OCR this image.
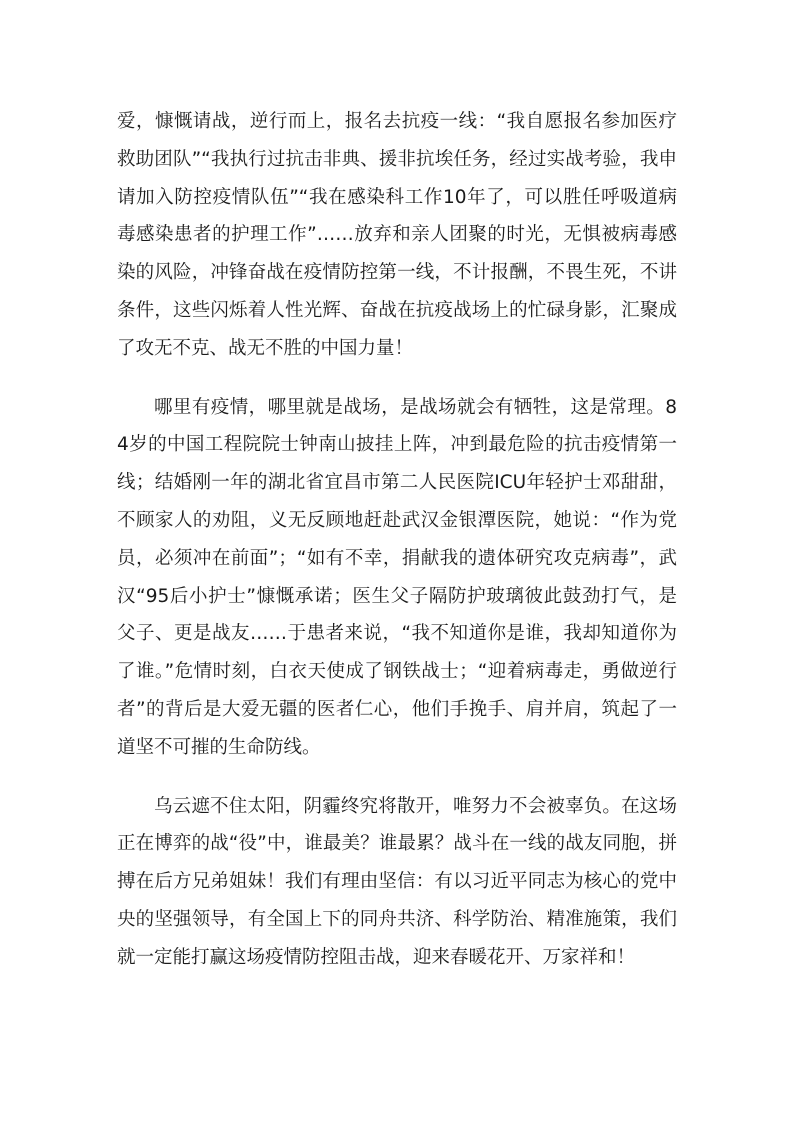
爱，慷慨请战，逆行而上，报名去抗疫一线：“我自愿报名参加医疗救助团队”“我执行过抗击非典、援非抗埃任务，经过实战考验，我申请加入防控疫情队伍”“我在感染科工作10年了，可以胜任呼吸道病毒感染患者的护理工作”……放弃和亲人团聚的时光，无惧被病毒感染的风险，冲锋奋战在疫情防控第一线，不计报酬，不畏生死，不讲条件，这些闪烁着人性光辉、奋战在抗疫战场上的忙碌身影，汇聚成了攻无不克、战无不胜的中国力量！

哪里有疫情，哪里就是战场，是战场就会有牺牲，这是常理。84岁的中国工程院院士钟南山披挂上阵，冲到最危险的抗击疫情第一线；结婚刚一年的湖北省宜昌市第二人民医院ICU年轻护士邓甜甜，不顾家人的劝阻，义无反顾地赶赴武汉金银潭医院，她说：“作为党员，必须冲在前面”；“如有不幸，捐献我的遗体研究攻克病毒”，武汉“95后小护士”慷慨承诺；医生父子隔防护玻璃彼此鼓劲打气，是父子、更是战友……于患者来说，“我不知道你是谁，我却知道你为了谁。”危情时刻，白衣天使成了钢铁战士；“迎着病毒走，勇做逆行者”的背后是大爱无疆的医者仁心，他们手挽手、肩并肩，筑起了一道坚不可摧的生命防线。

乌云遮不住太阳，阴霾终究将散开，唯努力不会被辜负。在这场正在博弈的战“役”中，谁最美？谁最累？战斗在一线的战友同胞，拼搏在后方兄弟姐妹！我们有理由坚信：有以习近平同志为核心的党中央的坚强领导，有全国上下的同舟共济、科学防治、精准施策，我们就一定能打赢这场疫情防控阻击战，迎来春暖花开、万家祥和！
